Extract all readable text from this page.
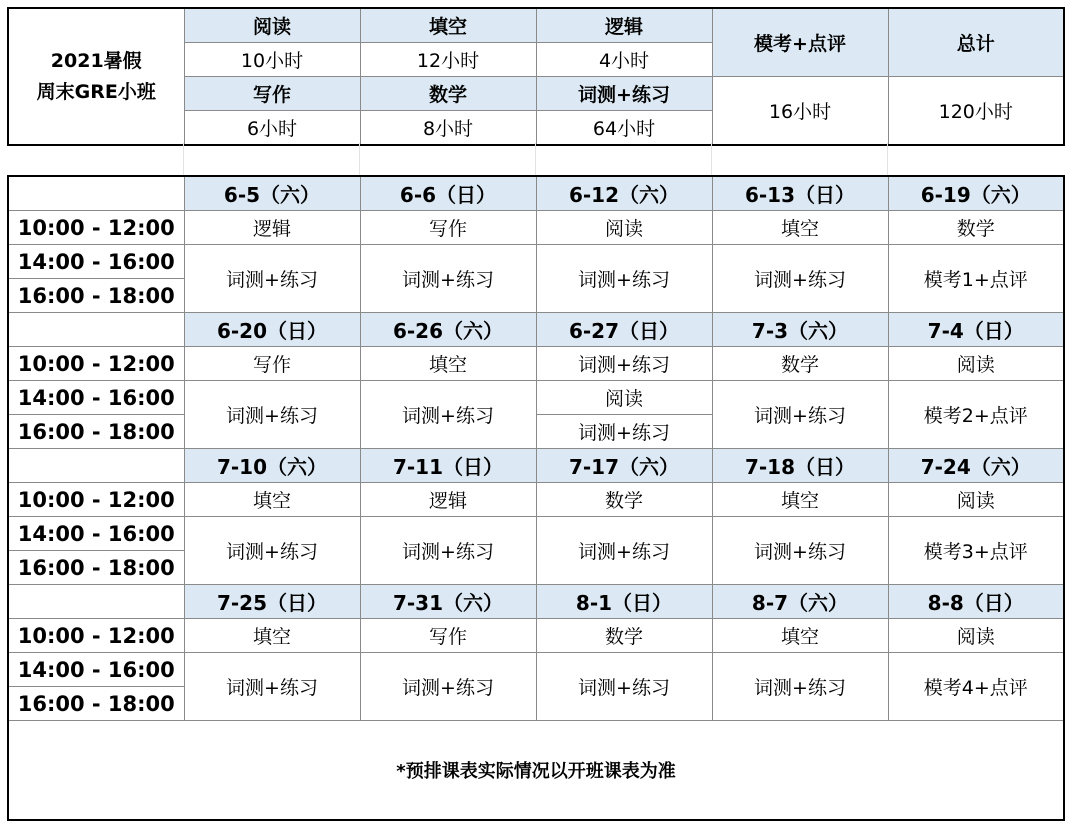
2021暑假
周末GRE小班	阅读	填空	逻辑	模考+点评	总计
	10小时	12小时	4小时		
	写作	数学	词测+练习	16小时	120小时
	6小时	8小时	64小时		
	6-5（六）	6-6（日）	6-12（六）	6-13（日）	6-19（六）
10:00 - 12:00	逻辑	写作	阅读	填空	数学
14:00 - 16:00	词测+练习	词测+练习	词测+练习	词测+练习	模考1+点评
16:00 - 18:00					
	6-20（日）	6-26（六）	6-27（日）	7-3（六）	7-4（日）
10:00 - 12:00	写作	填空	词测+练习	数学	阅读
14:00 - 16:00	词测+练习	词测+练习	阅读	词测+练习	模考2+点评
16:00 - 18:00			词测+练习		
	7-10（六）	7-11（日）	7-17（六）	7-18（日）	7-24（六）
10:00 - 12:00	填空	逻辑	数学	填空	阅读
14:00 - 16:00	词测+练习	词测+练习	词测+练习	词测+练习	模考3+点评
16:00 - 18:00					
	7-25（日）	7-31（六）	8-1（日）	8-7（六）	8-8（日）
10:00 - 12:00	填空	写作	数学	填空	阅读
14:00 - 16:00	词测+练习	词测+练习	词测+练习	词测+练习	模考4+点评
16:00 - 18:00					
*预排课表实际情况以开班课表为准					
